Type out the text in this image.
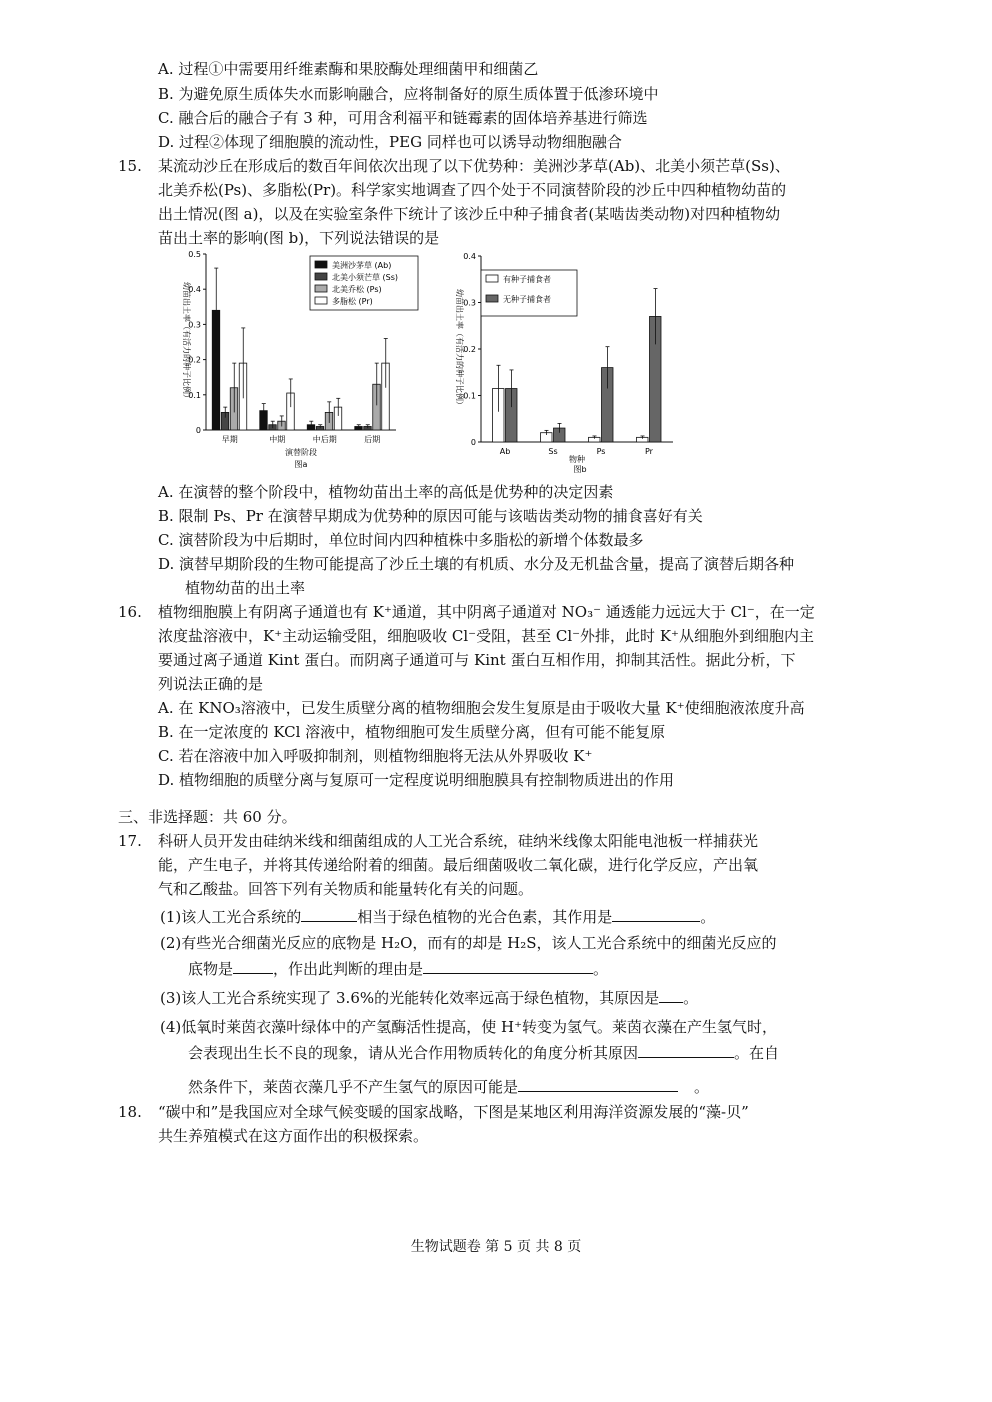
A. 过程①中需要用纤维素酶和果胶酶处理细菌甲和细菌乙
B. 为避免原生质体失水而影响融合，应将制备好的原生质体置于低渗环境中
C. 融合后的融合子有 3 种，可用含利福平和链霉素的固体培养基进行筛选
D. 过程②体现了细胞膜的流动性，PEG 同样也可以诱导动物细胞融合
15. 某流动沙丘在形成后的数百年间依次出现了以下优势种：美洲沙茅草(Ab)、北美小须芒草(Ss)、
北美乔松(Ps)、多脂松(Pr)。科学家实地调查了四个处于不同演替阶段的沙丘中四种植物幼苗的
出土情况(图 a)，以及在实验室条件下统计了该沙丘中种子捕食者(某啮齿类动物)对四种植物幼
苗出土率的影响(图 b)，下列说法错误的是
0
0.1
0.2
0.3
0.4
0.5
幼苗出土率（有活力的种子比例）
早期	中期	中后期	后期
演替阶段
图a
美洲沙茅草 (Ab)
北美小须芒草 (Ss)
北美乔松 (Ps)
多脂松 (Pr)
0
0.1
0.2
0.3
0.4
幼苗出土率（有活力的种子比例）
Ab	Ss	Ps	Pr
物种
图b
有种子捕食者
无种子捕食者
A. 在演替的整个阶段中，植物幼苗出土率的高低是优势种的决定因素
B. 限制 Ps、Pr 在演替早期成为优势种的原因可能与该啮齿类动物的捕食喜好有关
C. 演替阶段为中后期时，单位时间内四种植株中多脂松的新增个体数最多
D. 演替早期阶段的生物可能提高了沙丘土壤的有机质、水分及无机盐含量，提高了演替后期各种
植物幼苗的出土率
16. 植物细胞膜上有阴离子通道也有 K⁺通道，其中阴离子通道对 NO₃⁻ 通透能力远远大于 Cl⁻，在一定
浓度盐溶液中，K⁺主动运输受阻，细胞吸收 Cl⁻受阻，甚至 Cl⁻外排，此时 K⁺从细胞外到细胞内主
要通过离子通道 Kint 蛋白。而阴离子通道可与 Kint 蛋白互相作用，抑制其活性。据此分析，下
列说法正确的是
A. 在 KNO₃溶液中，已发生质壁分离的植物细胞会发生复原是由于吸收大量 K⁺使细胞液浓度升高
B. 在一定浓度的 KCl 溶液中，植物细胞可发生质壁分离，但有可能不能复原
C. 若在溶液中加入呼吸抑制剂，则植物细胞将无法从外界吸收 K⁺
D. 植物细胞的质壁分离与复原可一定程度说明细胞膜具有控制物质进出的作用
三、非选择题：共 60 分。
17. 科研人员开发由硅纳米线和细菌组成的人工光合系统，硅纳米线像太阳能电池板一样捕获光
能，产生电子，并将其传递给附着的细菌。最后细菌吸收二氧化碳，进行化学反应，产出氧
气和乙酸盐。回答下列有关物质和能量转化有关的问题。
(1)该人工光合系统的	相当于绿色植物的光合色素，其作用是	。
(2)有些光合细菌光反应的底物是 H₂O，而有的却是 H₂S，该人工光合系统中的细菌光反应的
底物是	，作出此判断的理由是	。
(3)该人工光合系统实现了 3.6%的光能转化效率远高于绿色植物，其原因是 。
(4)低氧时莱茵衣藻叶绿体中的产氢酶活性提高，使 H⁺转变为氢气。莱茵衣藻在产生氢气时，
会表现出生长不良的现象，请从光合作用物质转化的角度分析其原因	。在自
然条件下，莱茵衣藻几乎不产生氢气的原因可能是	。
18. “碳中和”是我国应对全球气候变暖的国家战略，下图是某地区利用海洋资源发展的“藻-贝”
共生养殖模式在这方面作出的积极探索。
生物试题卷 第 5 页 共 8 页
